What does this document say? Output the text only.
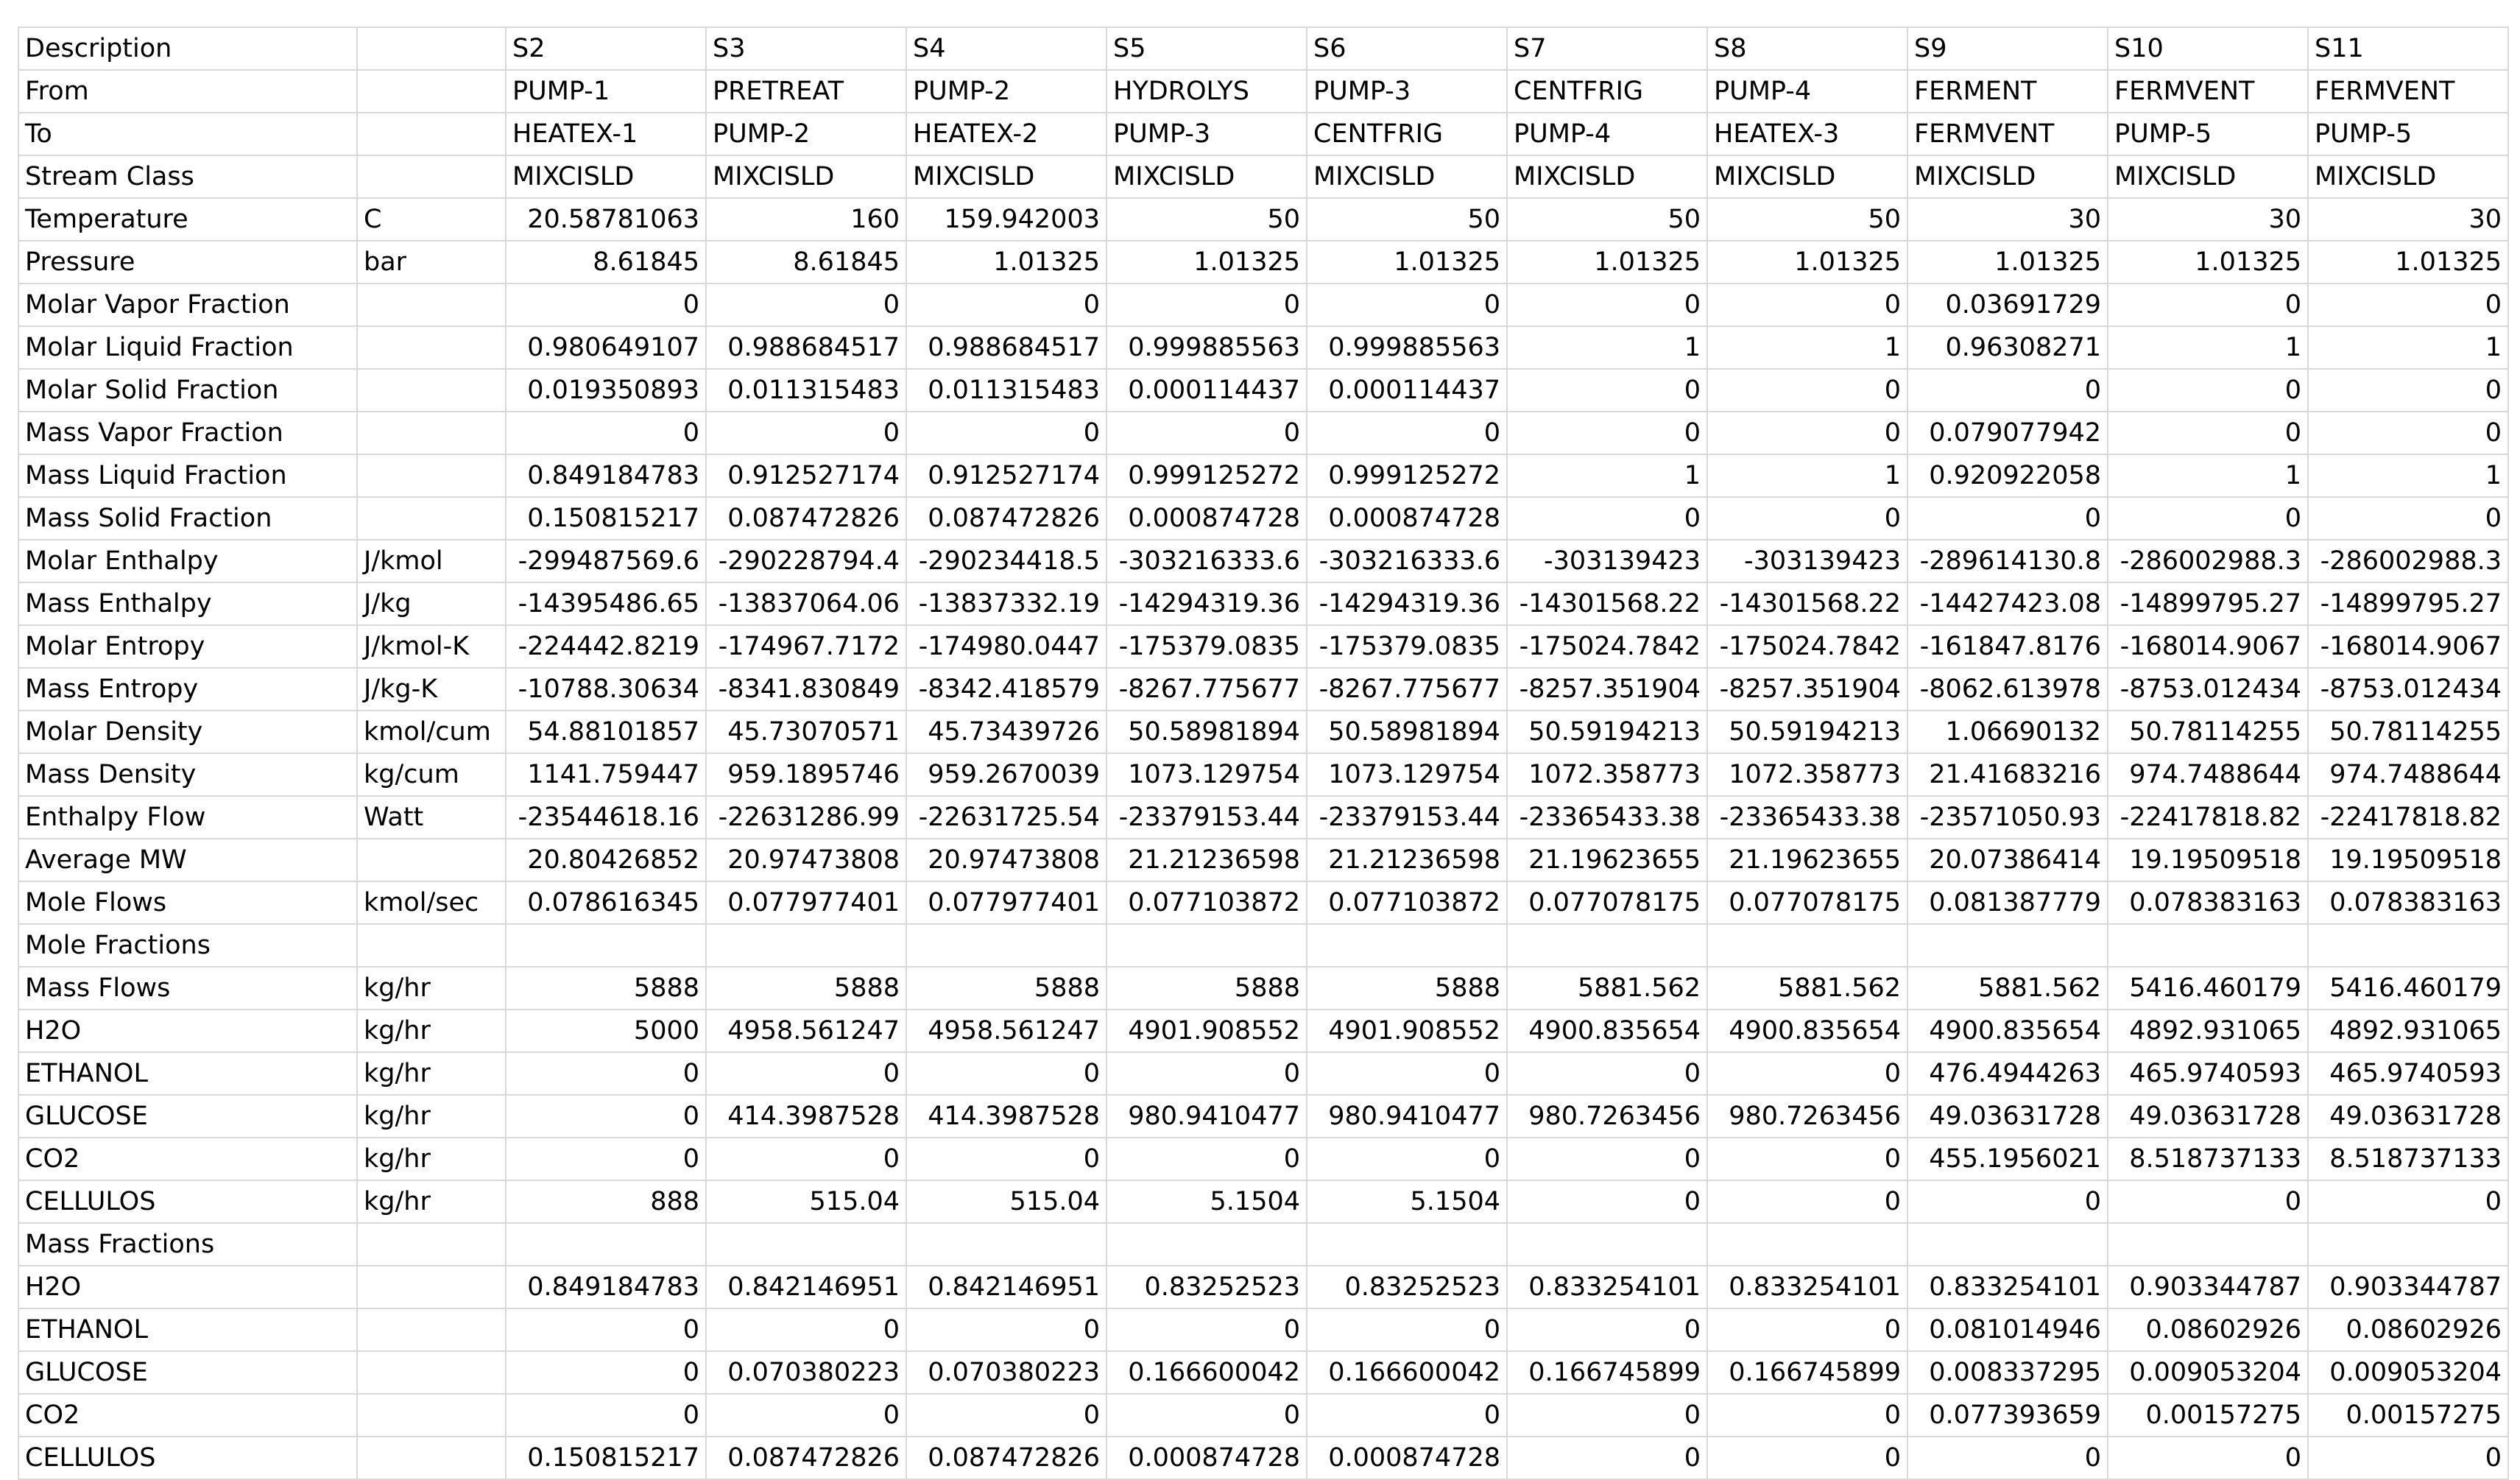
Description		S2	S3	S4	S5	S6	S7	S8	S9	S10	S11
From		PUMP-1	PRETREAT	PUMP-2	HYDROLYS	PUMP-3	CENTFRIG	PUMP-4	FERMENT	FERMVENT	FERMVENT
To		HEATEX-1	PUMP-2	HEATEX-2	PUMP-3	CENTFRIG	PUMP-4	HEATEX-3	FERMVENT	PUMP-5	PUMP-5
Stream Class		MIXCISLD	MIXCISLD	MIXCISLD	MIXCISLD	MIXCISLD	MIXCISLD	MIXCISLD	MIXCISLD	MIXCISLD	MIXCISLD
Temperature	C	20.58781063	160	159.942003	50	50	50	50	30	30	30
Pressure	bar	8.61845	8.61845	1.01325	1.01325	1.01325	1.01325	1.01325	1.01325	1.01325	1.01325
Molar Vapor Fraction		0	0	0	0	0	0	0	0.03691729	0	0
Molar Liquid Fraction		0.980649107	0.988684517	0.988684517	0.999885563	0.999885563	1	1	0.96308271	1	1
Molar Solid Fraction		0.019350893	0.011315483	0.011315483	0.000114437	0.000114437	0	0	0	0	0
Mass Vapor Fraction		0	0	0	0	0	0	0	0.079077942	0	0
Mass Liquid Fraction		0.849184783	0.912527174	0.912527174	0.999125272	0.999125272	1	1	0.920922058	1	1
Mass Solid Fraction		0.150815217	0.087472826	0.087472826	0.000874728	0.000874728	0	0	0	0	0
Molar Enthalpy	J/kmol	-299487569.6	-290228794.4	-290234418.5	-303216333.6	-303216333.6	-303139423	-303139423	-289614130.8	-286002988.3	-286002988.3
Mass Enthalpy	J/kg	-14395486.65	-13837064.06	-13837332.19	-14294319.36	-14294319.36	-14301568.22	-14301568.22	-14427423.08	-14899795.27	-14899795.27
Molar Entropy	J/kmol-K	-224442.8219	-174967.7172	-174980.0447	-175379.0835	-175379.0835	-175024.7842	-175024.7842	-161847.8176	-168014.9067	-168014.9067
Mass Entropy	J/kg-K	-10788.30634	-8341.830849	-8342.418579	-8267.775677	-8267.775677	-8257.351904	-8257.351904	-8062.613978	-8753.012434	-8753.012434
Molar Density	kmol/cum	54.88101857	45.73070571	45.73439726	50.58981894	50.58981894	50.59194213	50.59194213	1.06690132	50.78114255	50.78114255
Mass Density	kg/cum	1141.759447	959.1895746	959.2670039	1073.129754	1073.129754	1072.358773	1072.358773	21.41683216	974.7488644	974.7488644
Enthalpy Flow	Watt	-23544618.16	-22631286.99	-22631725.54	-23379153.44	-23379153.44	-23365433.38	-23365433.38	-23571050.93	-22417818.82	-22417818.82
Average MW		20.80426852	20.97473808	20.97473808	21.21236598	21.21236598	21.19623655	21.19623655	20.07386414	19.19509518	19.19509518
Mole Flows	kmol/sec	0.078616345	0.077977401	0.077977401	0.077103872	0.077103872	0.077078175	0.077078175	0.081387779	0.078383163	0.078383163
Mole Fractions											
Mass Flows	kg/hr	5888	5888	5888	5888	5888	5881.562	5881.562	5881.562	5416.460179	5416.460179
H2O	kg/hr	5000	4958.561247	4958.561247	4901.908552	4901.908552	4900.835654	4900.835654	4900.835654	4892.931065	4892.931065
ETHANOL	kg/hr	0	0	0	0	0	0	0	476.4944263	465.9740593	465.9740593
GLUCOSE	kg/hr	0	414.3987528	414.3987528	980.9410477	980.9410477	980.7263456	980.7263456	49.03631728	49.03631728	49.03631728
CO2	kg/hr	0	0	0	0	0	0	0	455.1956021	8.518737133	8.518737133
CELLULOS	kg/hr	888	515.04	515.04	5.1504	5.1504	0	0	0	0	0
Mass Fractions											
H2O		0.849184783	0.842146951	0.842146951	0.83252523	0.83252523	0.833254101	0.833254101	0.833254101	0.903344787	0.903344787
ETHANOL		0	0	0	0	0	0	0	0.081014946	0.08602926	0.08602926
GLUCOSE		0	0.070380223	0.070380223	0.166600042	0.166600042	0.166745899	0.166745899	0.008337295	0.009053204	0.009053204
CO2		0	0	0	0	0	0	0	0.077393659	0.00157275	0.00157275
CELLULOS		0.150815217	0.087472826	0.087472826	0.000874728	0.000874728	0	0	0	0	0
